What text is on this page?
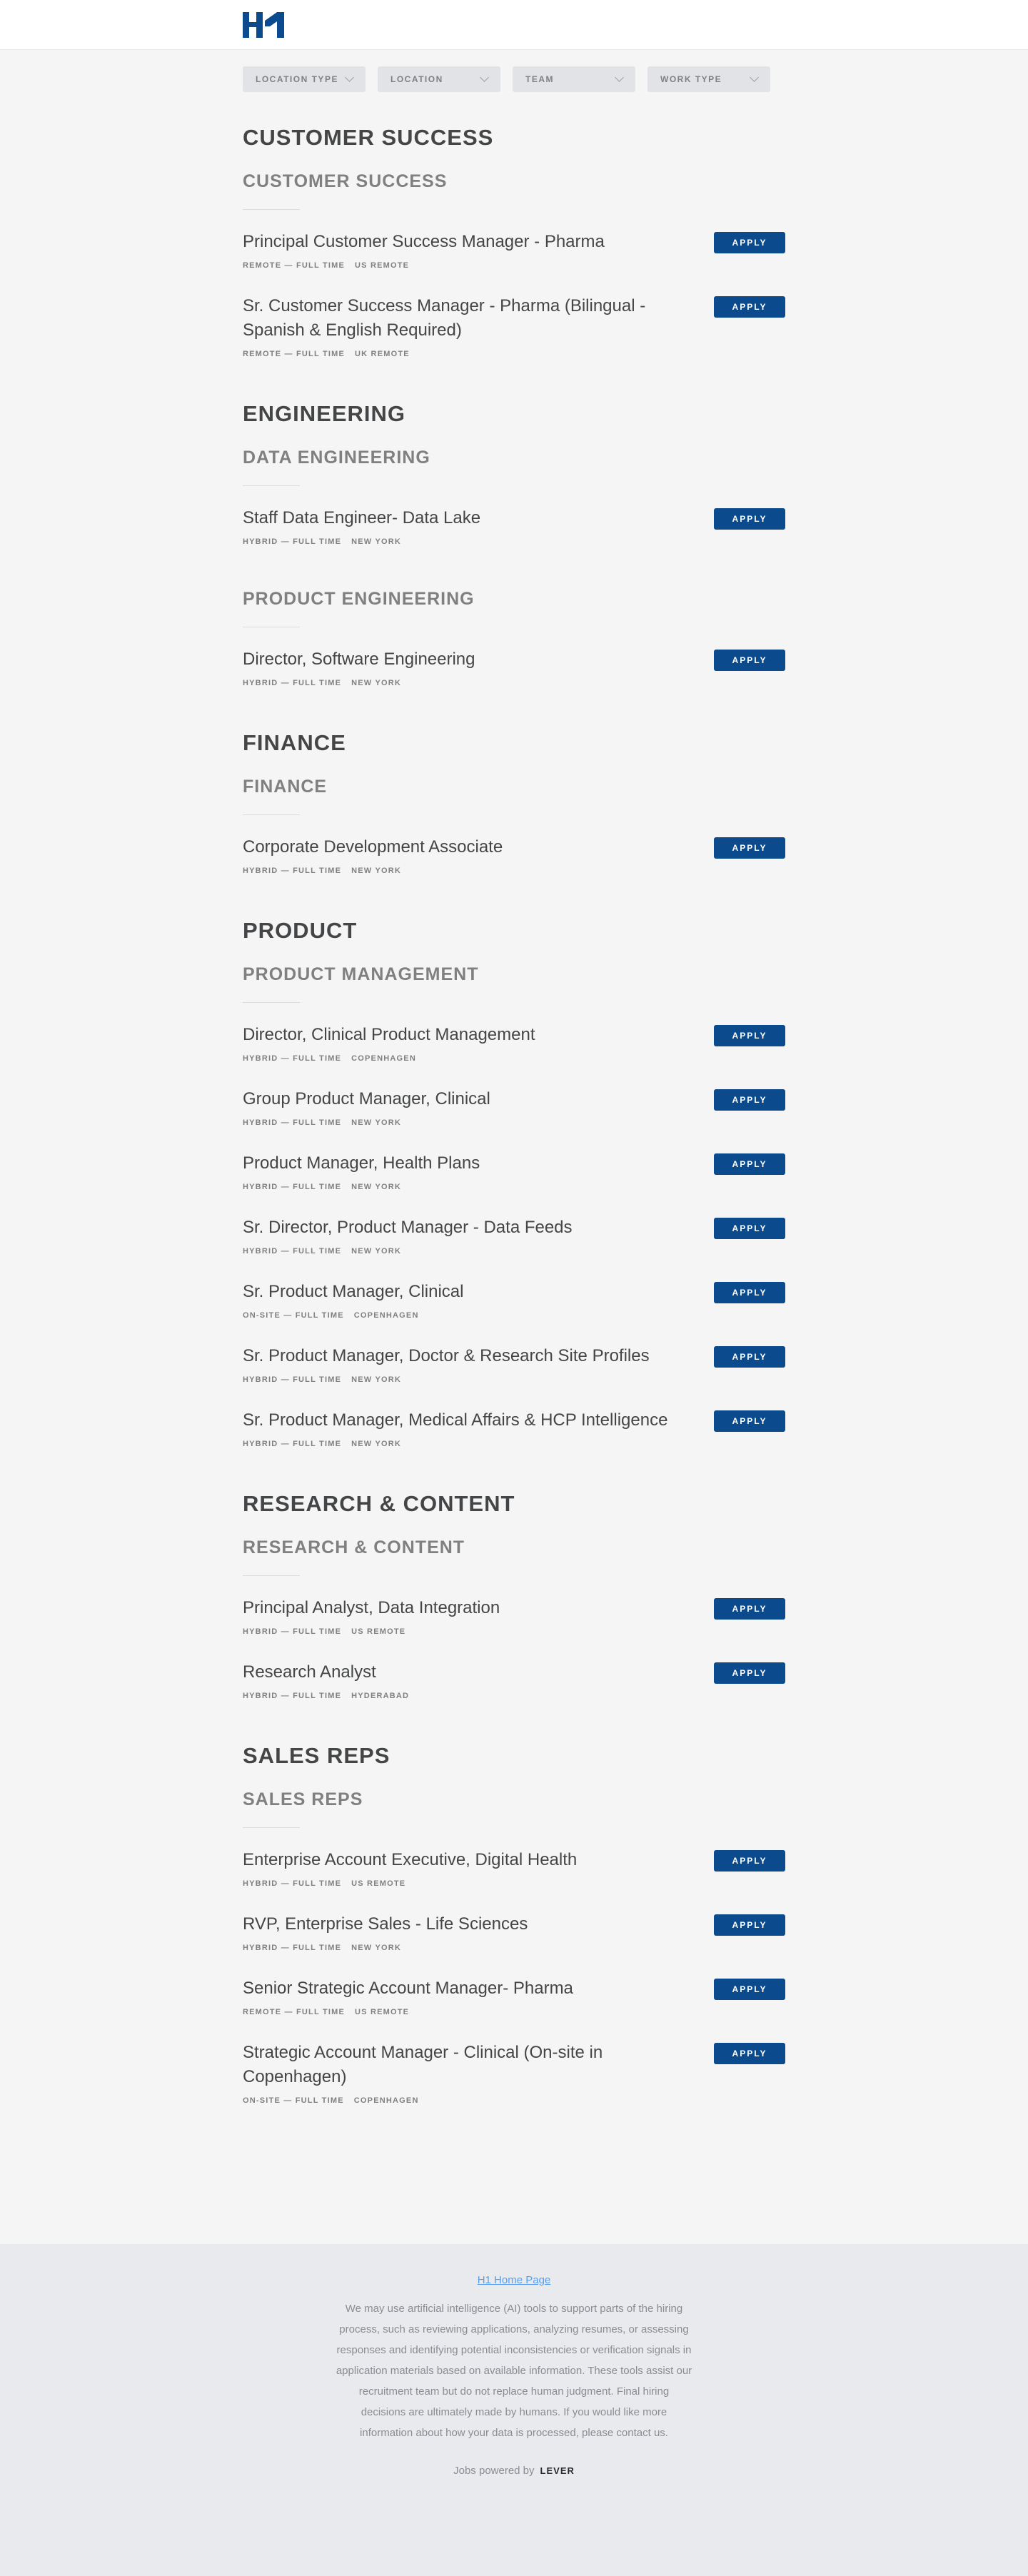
LOCATION TYPE	LOCATION	TEAM	WORK TYPE
CUSTOMER SUCCESS
CUSTOMER SUCCESS
Principal Customer Success Manager - Pharma
REMOTE — FULL TIME US REMOTE
APPLY
Sr. Customer Success Manager - Pharma (Bilingual - Spanish & English Required)
REMOTE — FULL TIME UK REMOTE
APPLY
ENGINEERING
DATA ENGINEERING
Staff Data Engineer- Data Lake
HYBRID — FULL TIME NEW YORK
APPLY
PRODUCT ENGINEERING
Director, Software Engineering
HYBRID — FULL TIME NEW YORK
APPLY
FINANCE
FINANCE
Corporate Development Associate
HYBRID — FULL TIME NEW YORK
APPLY
PRODUCT
PRODUCT MANAGEMENT
Director, Clinical Product Management
HYBRID — FULL TIME COPENHAGEN
APPLY
Group Product Manager, Clinical
HYBRID — FULL TIME NEW YORK
APPLY
Product Manager, Health Plans
HYBRID — FULL TIME NEW YORK
APPLY
Sr. Director, Product Manager - Data Feeds
HYBRID — FULL TIME NEW YORK
APPLY
Sr. Product Manager, Clinical
ON-SITE — FULL TIME COPENHAGEN
APPLY
Sr. Product Manager, Doctor & Research Site Profiles
HYBRID — FULL TIME NEW YORK
APPLY
Sr. Product Manager, Medical Affairs & HCP Intelligence
HYBRID — FULL TIME NEW YORK
APPLY
RESEARCH & CONTENT
RESEARCH & CONTENT
Principal Analyst, Data Integration
HYBRID — FULL TIME US REMOTE
APPLY
Research Analyst
HYBRID — FULL TIME HYDERABAD
APPLY
SALES REPS
SALES REPS
Enterprise Account Executive, Digital Health
HYBRID — FULL TIME US REMOTE
APPLY
RVP, Enterprise Sales - Life Sciences
HYBRID — FULL TIME NEW YORK
APPLY
Senior Strategic Account Manager- Pharma
REMOTE — FULL TIME US REMOTE
APPLY
Strategic Account Manager - Clinical (On-site in Copenhagen)
ON-SITE — FULL TIME COPENHAGEN
APPLY
H1 Home Page
We may use artificial intelligence (AI) tools to support parts of the hiring process, such as reviewing applications, analyzing resumes, or assessing responses and identifying potential inconsistencies or verification signals in application materials based on available information. These tools assist our recruitment team but do not replace human judgment. Final hiring decisions are ultimately made by humans. If you would like more information about how your data is processed, please contact us.
Jobs powered by LEVER
